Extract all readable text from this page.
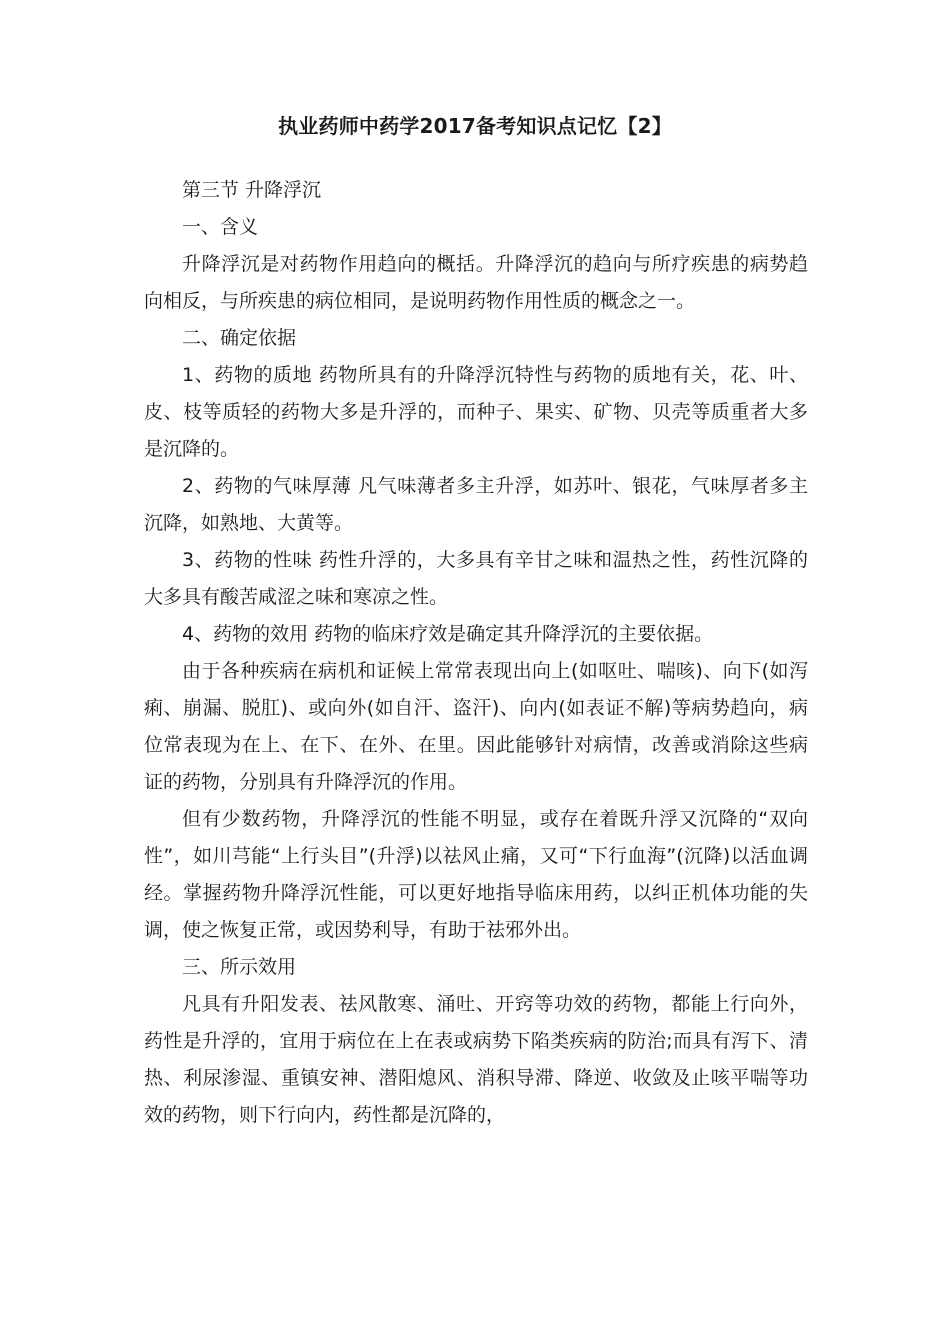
执业药师中药学2017备考知识点记忆【2】

第三节 升降浮沉

一、含义

升降浮沉是对药物作用趋向的概括。升降浮沉的趋向与所疗疾患的病势趋向相反，与所疾患的病位相同，是说明药物作用性质的概念之一。

二、确定依据

1、药物的质地 药物所具有的升降浮沉特性与药物的质地有关，花、叶、皮、枝等质轻的药物大多是升浮的，而种子、果实、矿物、贝壳等质重者大多是沉降的。

2、药物的气味厚薄 凡气味薄者多主升浮，如苏叶、银花，气味厚者多主沉降，如熟地、大黄等。

3、药物的性味 药性升浮的，大多具有辛甘之味和温热之性，药性沉降的大多具有酸苦咸涩之味和寒凉之性。

4、药物的效用 药物的临床疗效是确定其升降浮沉的主要依据。

由于各种疾病在病机和证候上常常表现出向上(如呕吐、喘咳)、向下(如泻痢、崩漏、脱肛)、或向外(如自汗、盗汗)、向内(如表证不解)等病势趋向，病位常表现为在上、在下、在外、在里。因此能够针对病情，改善或消除这些病证的药物，分别具有升降浮沉的作用。

但有少数药物，升降浮沉的性能不明显，或存在着既升浮又沉降的“双向性”，如川芎能“上行头目”(升浮)以祛风止痛，又可“下行血海”(沉降)以活血调经。掌握药物升降浮沉性能，可以更好地指导临床用药，以纠正机体功能的失调，使之恢复正常，或因势利导，有助于祛邪外出。

三、所示效用

凡具有升阳发表、祛风散寒、涌吐、开窍等功效的药物，都能上行向外，药性是升浮的，宜用于病位在上在表或病势下陷类疾病的防治;而具有泻下、清热、利尿渗湿、重镇安神、潜阳熄风、消积导滞、降逆、收敛及止咳平喘等功效的药物，则下行向内，药性都是沉降的，
